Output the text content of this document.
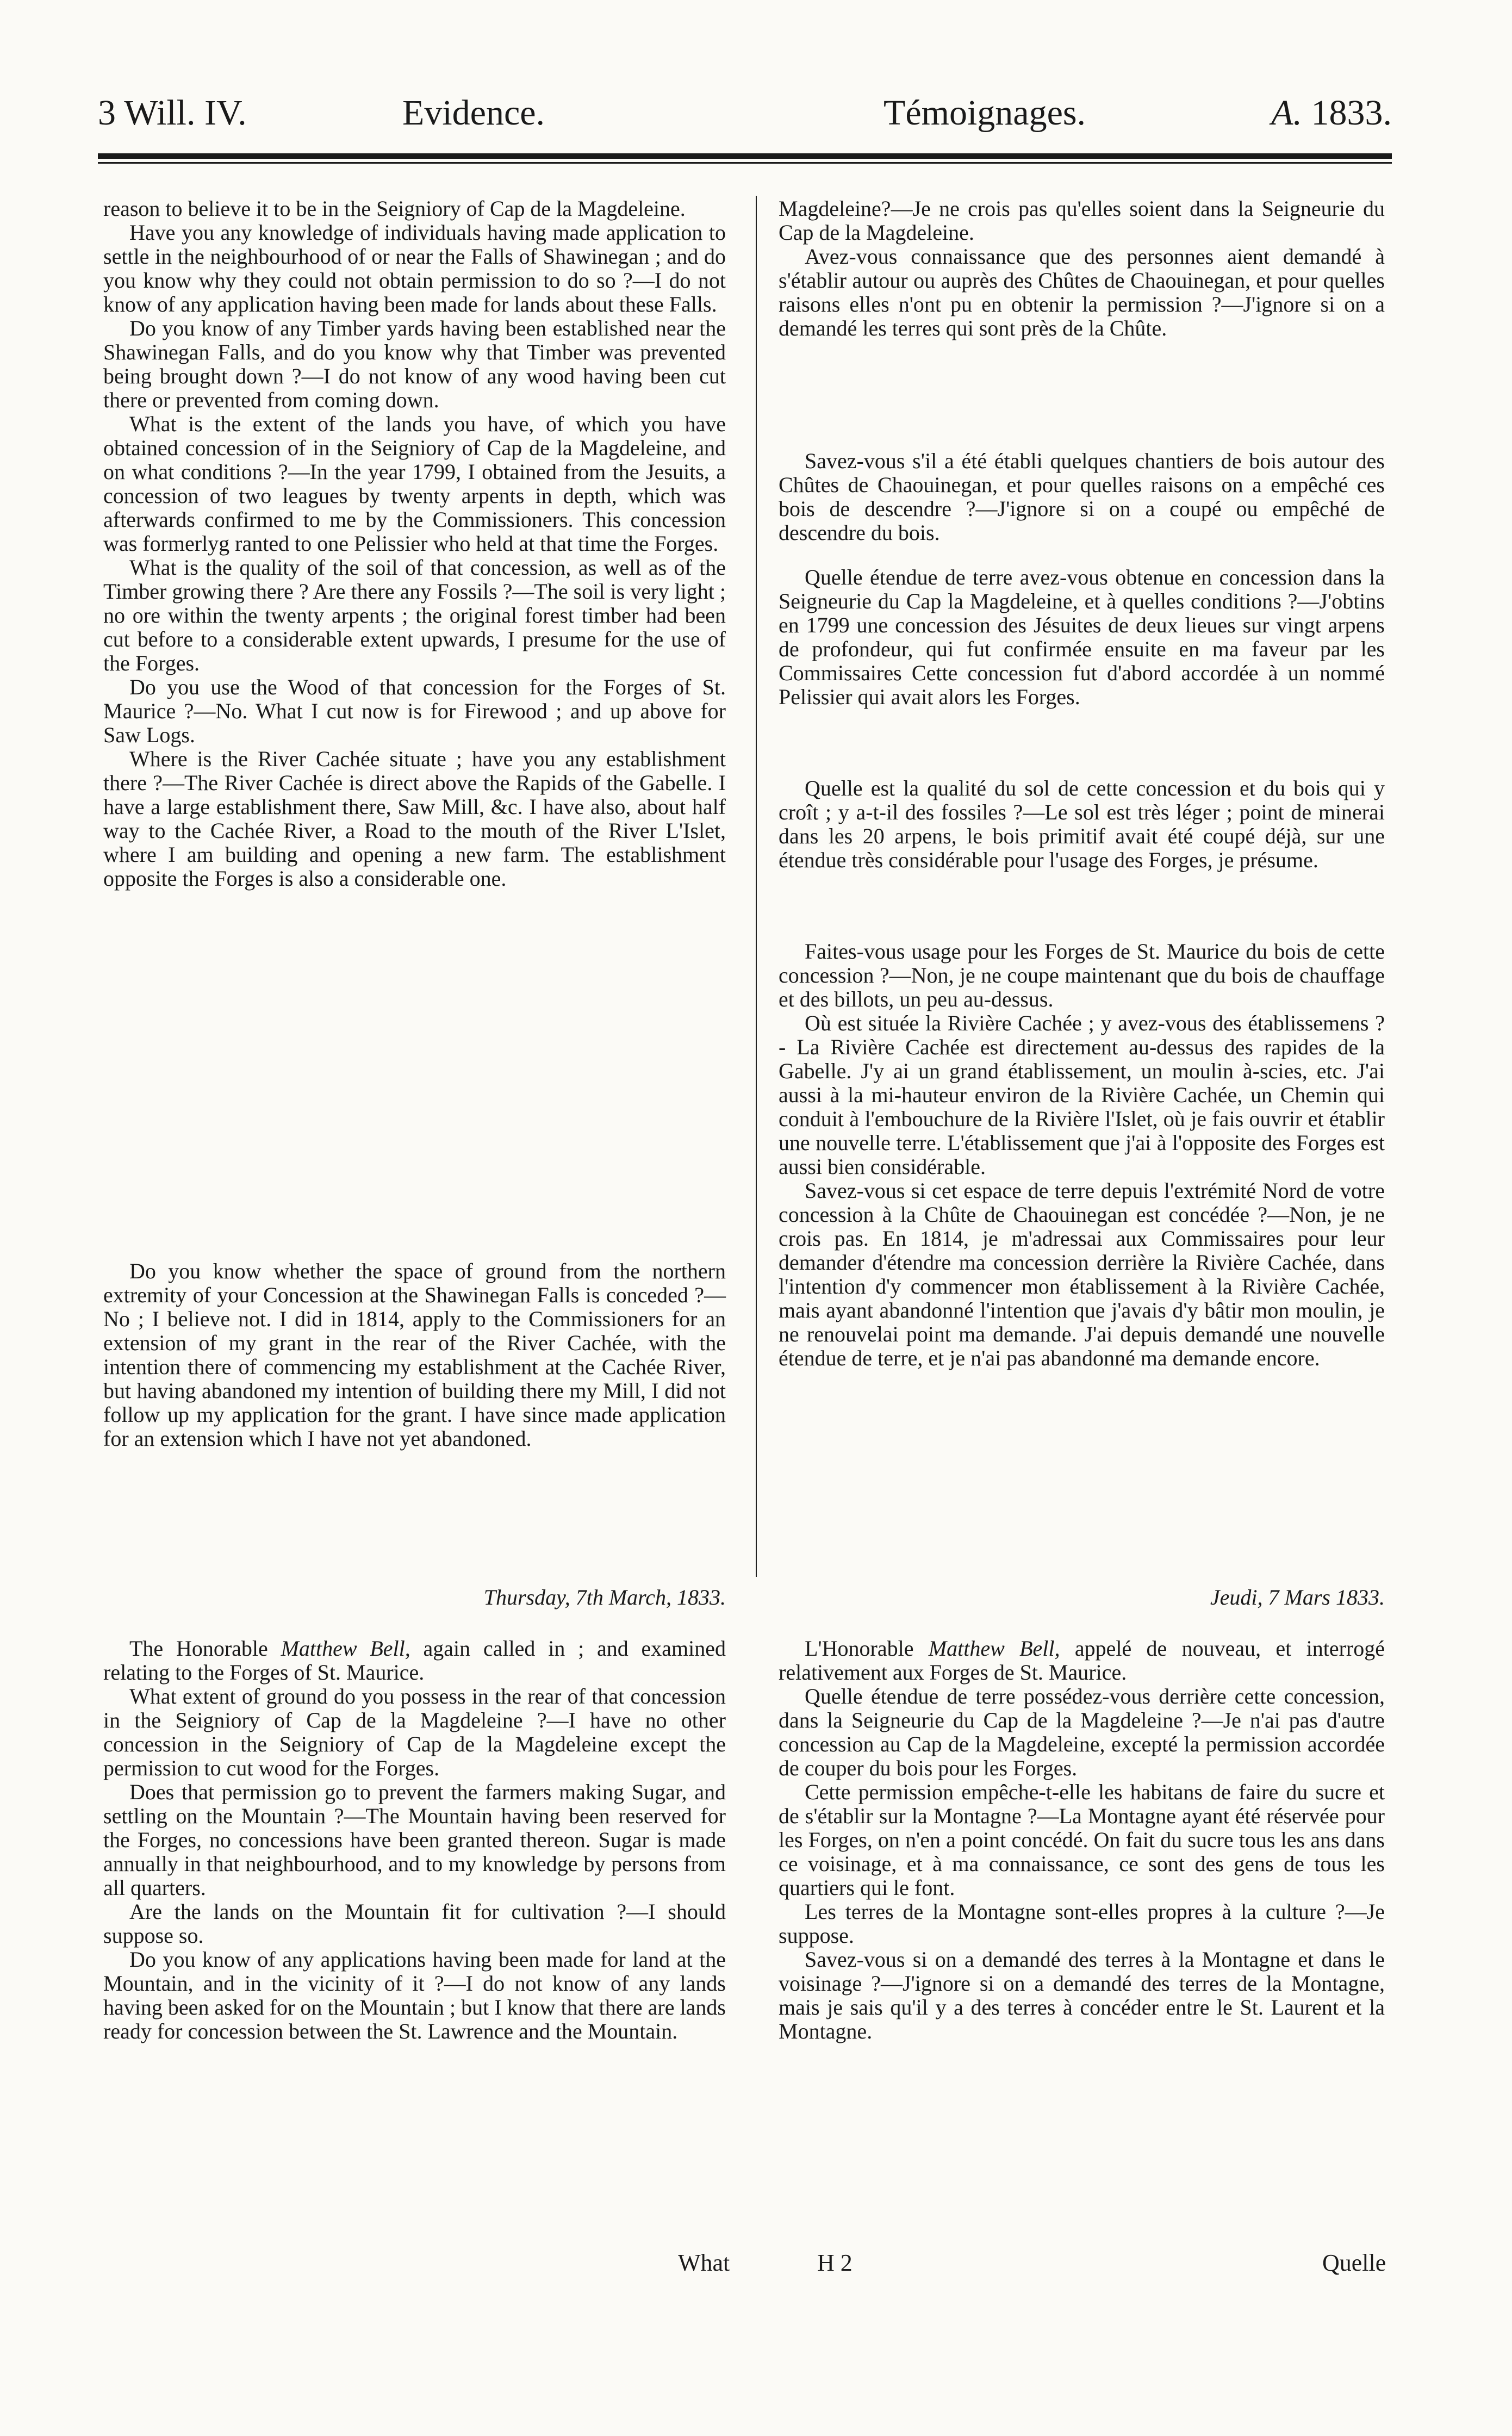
3 Will. IV.	Evidence.	Témoignages.	A. 1833.

reason to believe it to be in the Seigniory of Cap de la Magdeleine.

Have you any knowledge of individuals having made application to settle in the neighbourhood of or near the Falls of Shawinegan ; and do you know why they could not obtain permission to do so ?—I do not know of any application having been made for lands about these Falls.

Do you know of any Timber yards having been established near the Shawinegan Falls, and do you know why that Timber was prevented being brought down ?—I do not know of any wood having been cut there or prevented from coming down.

What is the extent of the lands you have, of which you have obtained concession of in the Seigniory of Cap de la Magdeleine, and on what conditions ?—In the year 1799, I obtained from the Jesuits, a concession of two leagues by twenty arpents in depth, which was afterwards confirmed to me by the Commissioners. This concession was formerlyg ranted to one Pelissier who held at that time the Forges.

What is the quality of the soil of that concession, as well as of the Timber growing there ? Are there any Fossils ?—The soil is very light ; no ore within the twenty arpents ; the original forest timber had been cut before to a considerable extent upwards, I presume for the use of the Forges.

Do you use the Wood of that concession for the Forges of St. Maurice ?—No. What I cut now is for Firewood ; and up above for Saw Logs.

Where is the River Cachée situate ; have you any establishment there ?—The River Cachée is direct above the Rapids of the Gabelle. I have a large establishment there, Saw Mill, &c. I have also, about half way to the Cachée River, a Road to the mouth of the River L'Islet, where I am building and opening a new farm. The establishment opposite the Forges is also a considerable one.

Do you know whether the space of ground from the northern extremity of your Concession at the Shawinegan Falls is conceded ?—No ; I believe not. I did in 1814, apply to the Commissioners for an extension of my grant in the rear of the River Cachée, with the intention there of commencing my establishment at the Cachée River, but having abandoned my intention of building there my Mill, I did not follow up my application for the grant. I have since made application for an extension which I have not yet abandoned.

Thursday, 7th March, 1833.

The Honorable Matthew Bell, again called in ; and examined relating to the Forges of St. Maurice.

What extent of ground do you possess in the rear of that concession in the Seigniory of Cap de la Magdeleine ?—I have no other concession in the Seigniory of Cap de la Magdeleine except the permission to cut wood for the Forges.

Does that permission go to prevent the farmers making Sugar, and settling on the Mountain ?—The Mountain having been reserved for the Forges, no concessions have been granted thereon. Sugar is made annually in that neighbourhood, and to my knowledge by persons from all quarters.

Are the lands on the Mountain fit for cultivation ?—I should suppose so.

Do you know of any applications having been made for land at the Mountain, and in the vicinity of it ?—I do not know of any lands having been asked for on the Mountain ; but I know that there are lands ready for concession between the St. Lawrence and the Mountain.

Magdeleine?—Je ne crois pas qu'elles soient dans la Seigneurie du Cap de la Magdeleine.

Avez-vous connaissance que des personnes aient demandé à s'établir autour ou auprès des Chûtes de Chaouinegan, et pour quelles raisons elles n'ont pu en obtenir la permission ?—J'ignore si on a demandé les terres qui sont près de la Chûte.

Savez-vous s'il a été établi quelques chantiers de bois autour des Chûtes de Chaouinegan, et pour quelles raisons on a empêché ces bois de descendre ?—J'ignore si on a coupé ou empêché de descendre du bois.

Quelle étendue de terre avez-vous obtenue en concession dans la Seigneurie du Cap la Magdeleine, et à quelles conditions ?—J'obtins en 1799 une concession des Jésuites de deux lieues sur vingt arpens de profondeur, qui fut confirmée ensuite en ma faveur par les Commissaires Cette concession fut d'abord accordée à un nommé Pelissier qui avait alors les Forges.

Quelle est la qualité du sol de cette concession et du bois qui y croît ; y a-t-il des fossiles ?—Le sol est très léger ; point de minerai dans les 20 arpens, le bois primitif avait été coupé déjà, sur une étendue très considérable pour l'usage des Forges, je présume.

Faites-vous usage pour les Forges de St. Maurice du bois de cette concession ?—Non, je ne coupe maintenant que du bois de chauffage et des billots, un peu au-dessus.

Où est située la Rivière Cachée ; y avez-vous des établissemens ? - La Rivière Cachée est directement au-dessus des rapides de la Gabelle. J'y ai un grand établissement, un moulin à-scies, etc. J'ai aussi à la mi-hauteur environ de la Rivière Cachée, un Chemin qui conduit à l'embouchure de la Rivière l'Islet, où je fais ouvrir et établir une nouvelle terre. L'établissement que j'ai à l'opposite des Forges est aussi bien considérable.

Savez-vous si cet espace de terre depuis l'extrémité Nord de votre concession à la Chûte de Chaouinegan est concédée ?—Non, je ne crois pas. En 1814, je m'adressai aux Commissaires pour leur demander d'étendre ma concession derrière la Rivière Cachée, dans l'intention d'y commencer mon établissement à la Rivière Cachée, mais ayant abandonné l'intention que j'avais d'y bâtir mon moulin, je ne renouvelai point ma demande. J'ai depuis demandé une nouvelle étendue de terre, et je n'ai pas abandonné ma demande encore.

Jeudi, 7 Mars 1833.

L'Honorable Matthew Bell, appelé de nouveau, et interrogé relativement aux Forges de St. Maurice.

Quelle étendue de terre possédez-vous derrière cette concession, dans la Seigneurie du Cap de la Magdeleine ?—Je n'ai pas d'autre concession au Cap de la Magdeleine, excepté la permission accordée de couper du bois pour les Forges.

Cette permission empêche-t-elle les habitans de faire du sucre et de s'établir sur la Montagne ?—La Montagne ayant été réservée pour les Forges, on n'en a point concédé. On fait du sucre tous les ans dans ce voisinage, et à ma connaissance, ce sont des gens de tous les quartiers qui le font.

Les terres de la Montagne sont-elles propres à la culture ?—Je suppose.

Savez-vous si on a demandé des terres à la Montagne et dans le voisinage ?—J'ignore si on a demandé des terres de la Montagne, mais je sais qu'il y a des terres à concéder entre le St. Laurent et la Montagne.

What	H 2	Quelle
